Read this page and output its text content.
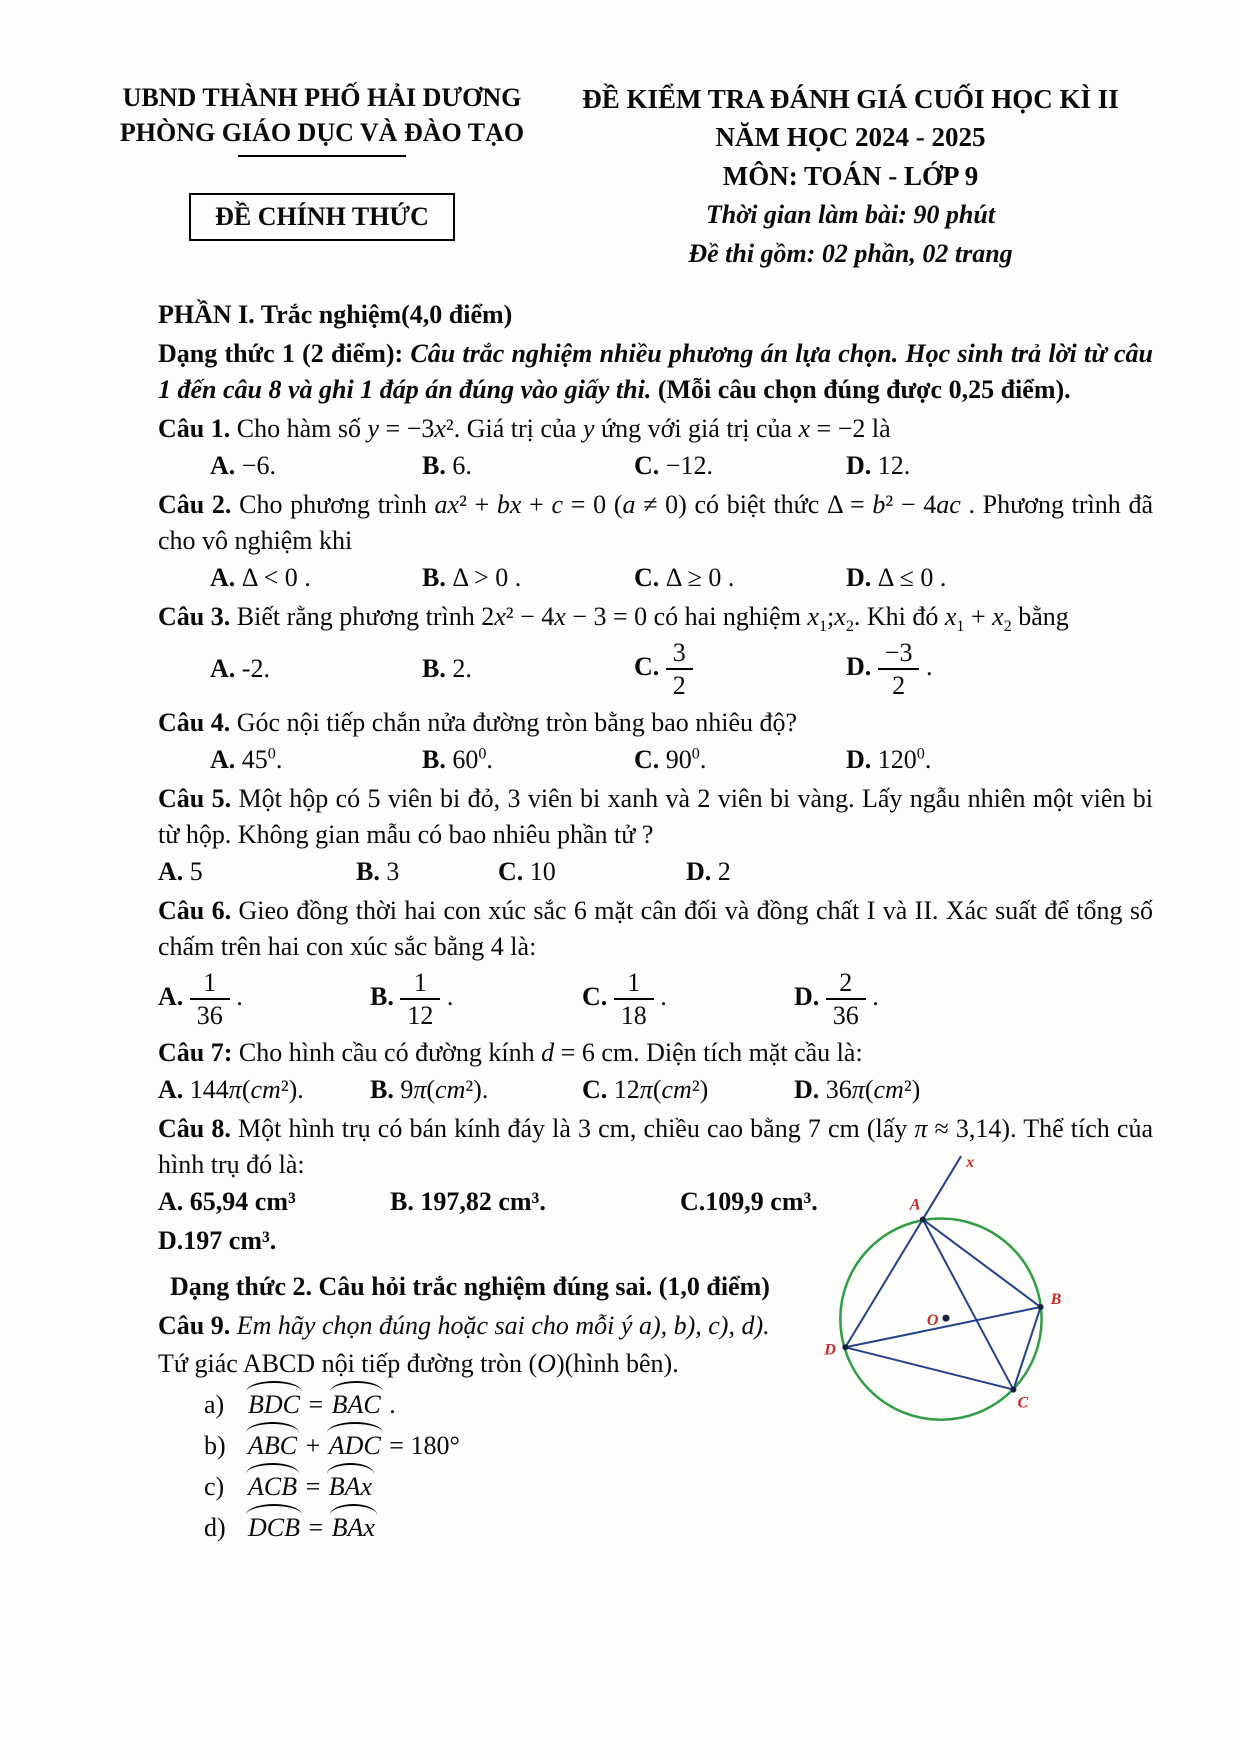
UBND THÀNH PHỐ HẢI DƯƠNG
PHÒNG GIÁO DỤC VÀ ĐÀO TẠO
ĐỀ CHÍNH THỨC
ĐỀ KIỂM TRA ĐÁNH GIÁ CUỐI HỌC KÌ II
NĂM HỌC 2024 - 2025
MÔN: TOÁN - LỚP 9
Thời gian làm bài: 90 phút
Đề thi gồm: 02 phần, 02 trang
PHẦN I. Trắc nghiệm(4,0 điểm)
Dạng thức 1 (2 điểm): Câu trắc nghiệm nhiều phương án lựa chọn. Học sinh trả lời từ câu 1 đến câu 8 và ghi 1 đáp án đúng vào giấy thi. (Mỗi câu chọn đúng được 0,25 điểm).
Câu 1. Cho hàm số y = −3x². Giá trị của y ứng với giá trị của x = −2 là
A. −6.	B. 6.	C. −12.	D. 12.
Câu 2. Cho phương trình ax² + bx + c = 0 (a ≠ 0) có biệt thức Δ = b² − 4ac . Phương trình đã cho vô nghiệm khi
A. Δ < 0 .	B. Δ > 0 .	C. Δ ≥ 0 .	D. Δ ≤ 0 .
Câu 3. Biết rằng phương trình 2x² − 4x − 3 = 0 có hai nghiệm $x_1;x_2$. Khi đó $x_1 + x_2$ bằng
A. -2.	B. 2.	C. $\frac{3}{2}$	D. $\frac{-3}{2}$ .
Câu 4. Góc nội tiếp chắn nửa đường tròn bằng bao nhiêu độ?
A. $45^0$.	B. $60^0$.	C. $90^0$.	D. $120^0$.
Câu 5. Một hộp có 5 viên bi đỏ, 3 viên bi xanh và 2 viên bi vàng. Lấy ngẫu nhiên một viên bi từ hộp. Không gian mẫu có bao nhiêu phần tử ?
A. 5	B. 3	C. 10	D. 2
Câu 6. Gieo đồng thời hai con xúc sắc 6 mặt cân đối và đồng chất I và II. Xác suất để tổng số chấm trên hai con xúc sắc bằng 4 là:
A. $\frac{1}{36}$ .	B. $\frac{1}{12}$ .	C. $\frac{1}{18}$ .	D. $\frac{2}{36}$ .
Câu 7: Cho hình cầu có đường kính d = 6 cm. Diện tích mặt cầu là:
A. 144π(cm²).	B. 9π(cm²).	C. 12π(cm²)	D. 36π(cm²)
Câu 8. Một hình trụ có bán kính đáy là 3 cm, chiều cao bằng 7 cm (lấy π ≈ 3,14). Thể tích của hình trụ đó là:
A. 65,94 cm³	B. 197,82 cm³.	C.109,9 cm³.
D.197 cm³.
Dạng thức 2. Câu hỏi trắc nghiệm đúng sai. (1,0 điểm)
Câu 9. Em hãy chọn đúng hoặc sai cho mỗi ý a), b), c), d).
Tứ giác ABCD nội tiếp đường tròn (O)(hình bên).
a) BDC = BAC .
b) ABC + ADC = 180°
c) ACB = BAx
d) DCB = BAx
A
B
C
D
O
x
